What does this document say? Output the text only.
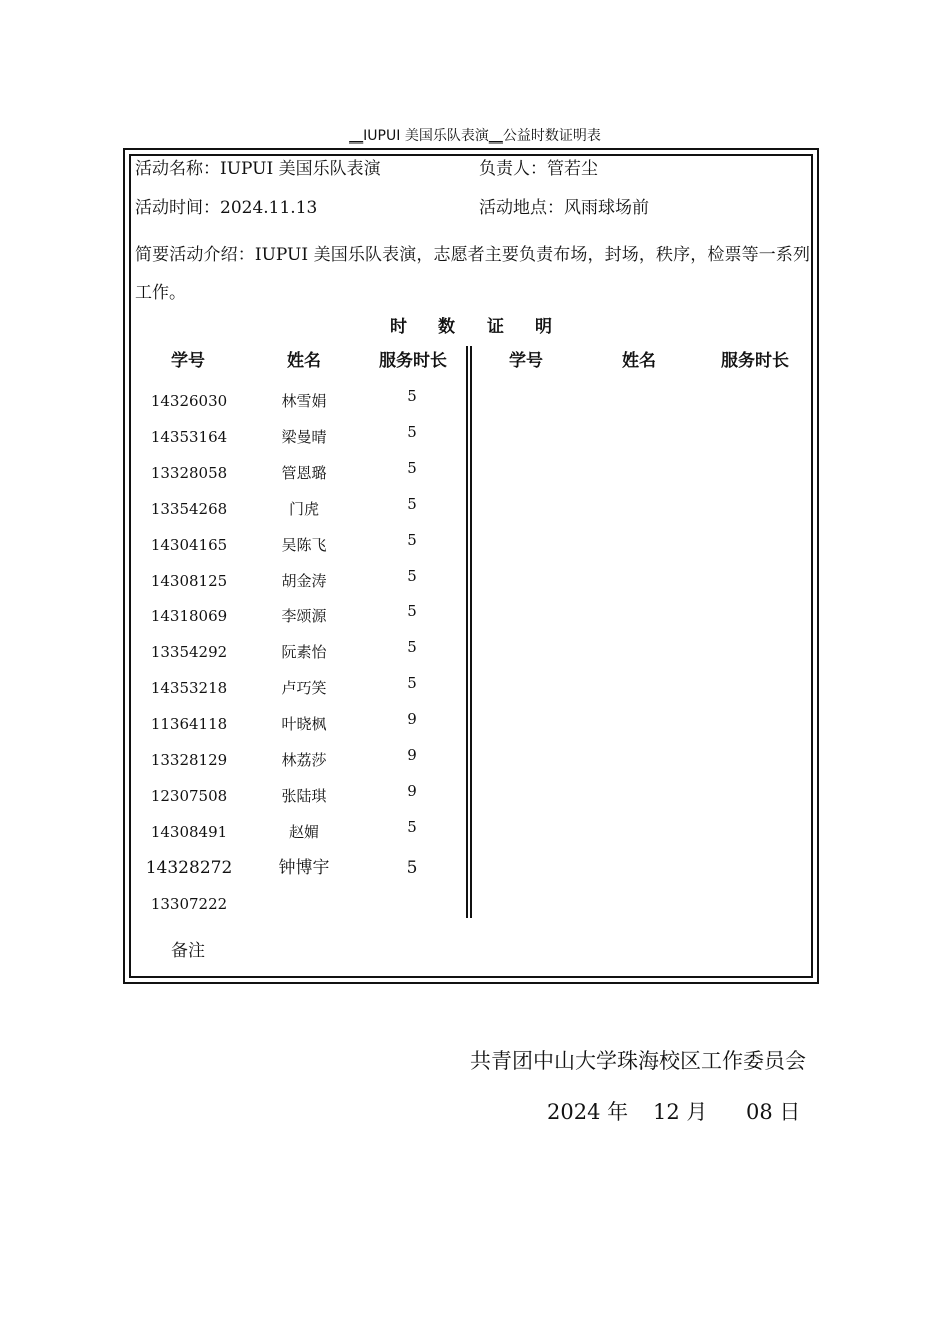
__IUPUI 美国乐队表演__公益时数证明表
活动名称：IUPUI 美国乐队表演	负责人：管若尘
活动时间：2024.11.13	活动地点：风雨球场前
简要活动介绍：IUPUI 美国乐队表演，志愿者主要负责布场，封场，秩序，检票等一系列工作。
时 数 证 明
学号	姓名	服务时长	学号	姓名	服务时长
14326030	林雪娟	5
14353164	梁曼晴	5
13328058	管恩璐	5
13354268	门虎	5
14304165	吴陈飞	5
14308125	胡金涛	5
14318069	李颂源	5
13354292	阮素怡	5
14353218	卢巧笑	5
11364118	叶晓枫	9
13328129	林荔莎	9
12307508	张陆琪	9
14308491	赵媚	5
14328272	钟博宇	5
13307222
备注
共青团中山大学珠海校区工作委员会
2024 年 12 月 08 日
